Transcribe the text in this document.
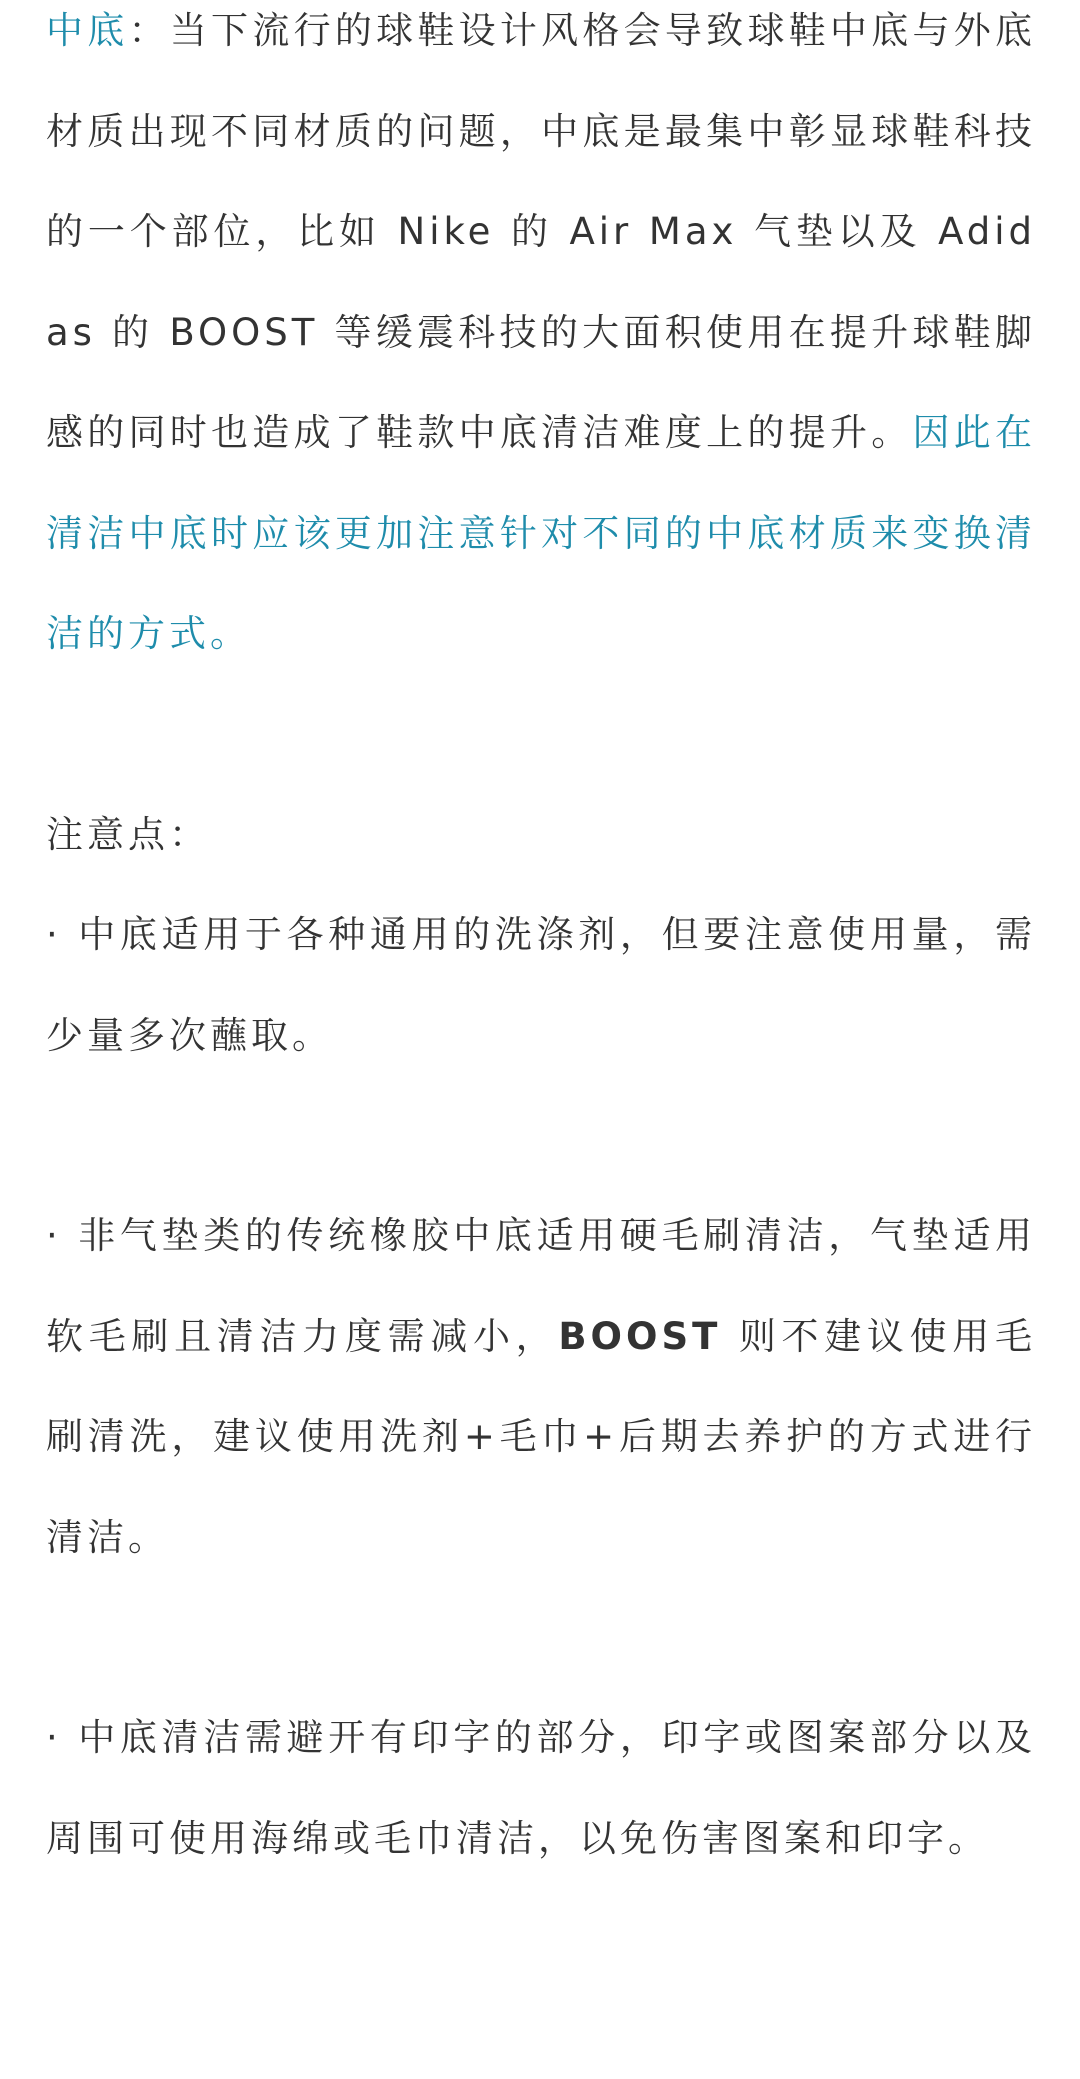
中底：当下流行的球鞋设计风格会导致球鞋中底与外底材质出现不同材质的问题，中底是最集中彰显球鞋科技的一个部位，比如 Nike 的 Air Max 气垫以及 Adidas 的 BOOST 等缓震科技的大面积使用在提升球鞋脚感的同时也造成了鞋款中底清洁难度上的提升。因此在清洁中底时应该更加注意针对不同的中底材质来变换清洁的方式。

注意点：

· 中底适用于各种通用的洗涤剂，但要注意使用量，需少量多次蘸取。

· 非气垫类的传统橡胶中底适用硬毛刷清洁，气垫适用软毛刷且清洁力度需减小，BOOST 则不建议使用毛刷清洗，建议使用洗剂+毛巾+后期去养护的方式进行清洁。

· 中底清洁需避开有印字的部分，印字或图案部分以及周围可使用海绵或毛巾清洁，以免伤害图案和印字。
